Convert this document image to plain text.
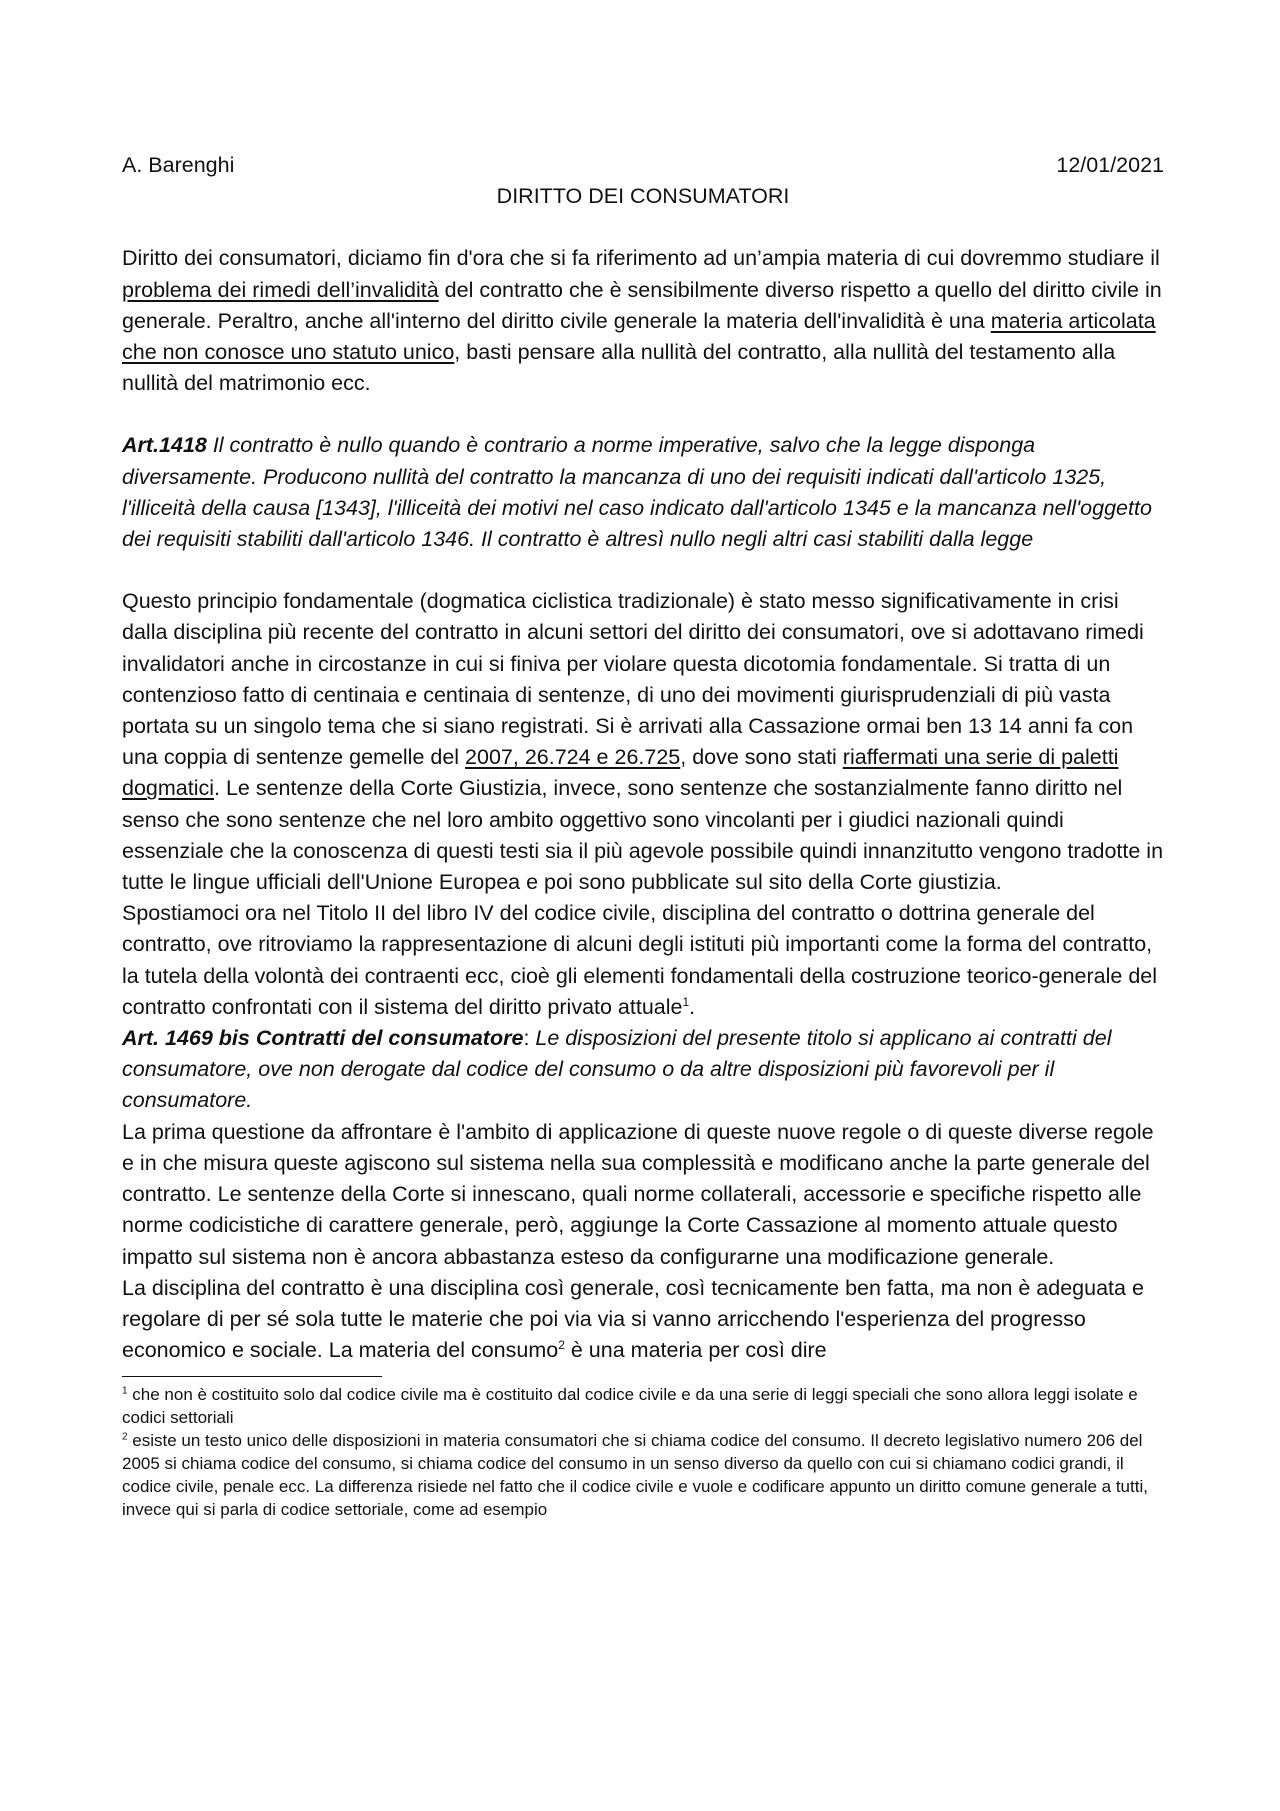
A. Barenghi	12/01/2021
DIRITTO DEI CONSUMATORI

Diritto dei consumatori, diciamo fin d'ora che si fa riferimento ad un’ampia materia di cui dovremmo studiare il problema dei rimedi dell’invalidità del contratto che è sensibilmente diverso rispetto a quello del diritto civile in generale. Peraltro, anche all'interno del diritto civile generale la materia dell'invalidità è una materia articolata che non conosce uno statuto unico, basti pensare alla nullità del contratto, alla nullità del testamento alla nullità del matrimonio ecc.

Art.1418 Il contratto è nullo quando è contrario a norme imperative, salvo che la legge disponga diversamente. Producono nullità del contratto la mancanza di uno dei requisiti indicati dall'articolo 1325, l'illiceità della causa [1343], l'illiceità dei motivi nel caso indicato dall'articolo 1345 e la mancanza nell'oggetto dei requisiti stabiliti dall'articolo 1346. Il contratto è altresì nullo negli altri casi stabiliti dalla legge

Questo principio fondamentale (dogmatica ciclistica tradizionale) è stato messo significativamente in crisi dalla disciplina più recente del contratto in alcuni settori del diritto dei consumatori, ove si adottavano rimedi invalidatori anche in circostanze in cui si finiva per violare questa dicotomia fondamentale. Si tratta di un contenzioso fatto di centinaia e centinaia di sentenze, di uno dei movimenti giurisprudenziali di più vasta portata su un singolo tema che si siano registrati. Si è arrivati alla Cassazione ormai ben 13 14 anni fa con una coppia di sentenze gemelle del 2007, 26.724 e 26.725, dove sono stati riaffermati una serie di paletti dogmatici. Le sentenze della Corte Giustizia, invece, sono sentenze che sostanzialmente fanno diritto nel senso che sono sentenze che nel loro ambito oggettivo sono vincolanti per i giudici nazionali quindi essenziale che la conoscenza di questi testi sia il più agevole possibile quindi innanzitutto vengono tradotte in tutte le lingue ufficiali dell'Unione Europea e poi sono pubblicate sul sito della Corte giustizia.

Spostiamoci ora nel Titolo II del libro IV del codice civile, disciplina del contratto o dottrina generale del contratto, ove ritroviamo la rappresentazione di alcuni degli istituti più importanti come la forma del contratto, la tutela della volontà dei contraenti ecc, cioè gli elementi fondamentali della costruzione teorico-generale del contratto confrontati con il sistema del diritto privato attuale$^1$.

Art. 1469 bis Contratti del consumatore: Le disposizioni del presente titolo si applicano ai contratti del consumatore, ove non derogate dal codice del consumo o da altre disposizioni più favorevoli per il consumatore.

La prima questione da affrontare è l'ambito di applicazione di queste nuove regole o di queste diverse regole e in che misura queste agiscono sul sistema nella sua complessità e modificano anche la parte generale del contratto. Le sentenze della Corte si innescano, quali norme collaterali, accessorie e specifiche rispetto alle norme codicistiche di carattere generale, però, aggiunge la Corte Cassazione al momento attuale questo impatto sul sistema non è ancora abbastanza esteso da configurarne una modificazione generale.

La disciplina del contratto è una disciplina così generale, così tecnicamente ben fatta, ma non è adeguata e regolare di per sé sola tutte le materie che poi via via si vanno arricchendo l'esperienza del progresso economico e sociale. La materia del consumo$^2$ è una materia per così dire

$^1$ che non è costituito solo dal codice civile ma è costituito dal codice civile e da una serie di leggi speciali che sono allora leggi isolate e codici settoriali

$^2$ esiste un testo unico delle disposizioni in materia consumatori che si chiama codice del consumo. Il decreto legislativo numero 206 del 2005 si chiama codice del consumo, si chiama codice del consumo in un senso diverso da quello con cui si chiamano codici grandi, il codice civile, penale ecc. La differenza risiede nel fatto che il codice civile e vuole e codificare appunto un diritto comune generale a tutti, invece qui si parla di codice settoriale, come ad esempio
